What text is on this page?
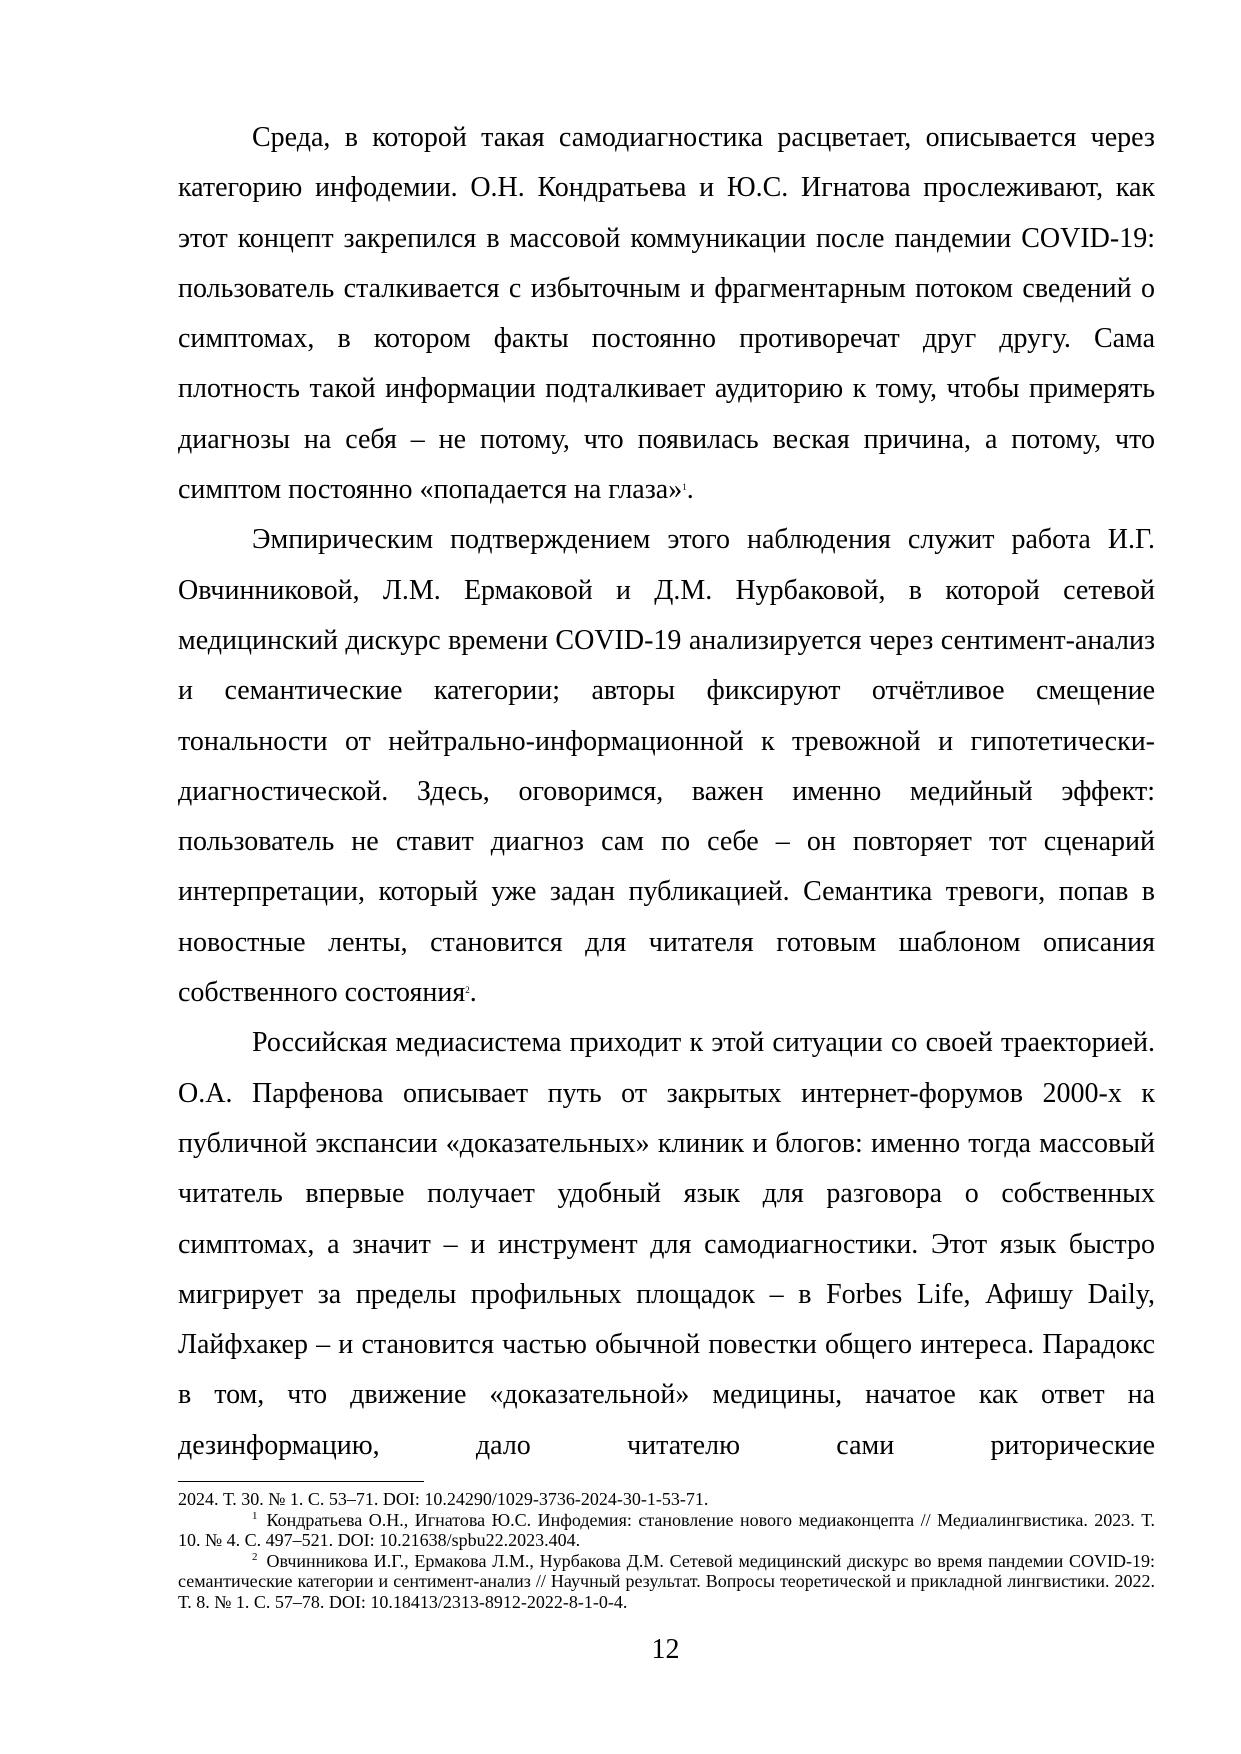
Среда, в которой такая самодиагностика расцветает, описывается через категорию инфодемии. О.Н. Кондратьева и Ю.С. Игнатова прослеживают, как этот концепт закрепился в массовой коммуникации после пандемии COVID-19: пользователь сталкивается с избыточным и фрагментарным потоком сведений о симптомах, в котором факты постоянно противоречат друг другу. Сама плотность такой информации подталкивает аудиторию к тому, чтобы примерять диагнозы на себя – не потому, что появилась веская причина, а потому, что симптом постоянно «попадается на глаза»$^1$.

Эмпирическим подтверждением этого наблюдения служит работа И.Г. Овчинниковой, Л.М. Ермаковой и Д.М. Нурбаковой, в которой сетевой медицинский дискурс времени COVID-19 анализируется через сентимент-анализ и семантические категории; авторы фиксируют отчётливое смещение тональности от нейтрально-информационной к тревожной и гипотетически-диагностической. Здесь, оговоримся, важен именно медийный эффект: пользователь не ставит диагноз сам по себе – он повторяет тот сценарий интерпретации, который уже задан публикацией. Семантика тревоги, попав в новостные ленты, становится для читателя готовым шаблоном описания собственного состояния$^2$.

Российская медиасистема приходит к этой ситуации со своей траекторией. О.А. Парфенова описывает путь от закрытых интернет-форумов 2000-х к публичной экспансии «доказательных» клиник и блогов: именно тогда массовый читатель впервые получает удобный язык для разговора о собственных симптомах, а значит – и инструмент для самодиагностики. Этот язык быстро мигрирует за пределы профильных площадок – в Forbes Life, Афишу Daily, Лайфхакер – и становится частью обычной повестки общего интереса. Парадокс в том, что движение «доказательной» медицины, начатое как ответ на дезинформацию, дало читателю сами риторические

2024. Т. 30. № 1. С. 53–71. DOI: 10.24290/1029-3736-2024-30-1-53-71.

$^1$ Кондратьева О.Н., Игнатова Ю.С. Инфодемия: становление нового медиаконцепта // Медиалингвистика. 2023. Т. 10. № 4. С. 497–521. DOI: 10.21638/spbu22.2023.404.

$^2$ Овчинникова И.Г., Ермакова Л.М., Нурбакова Д.М. Сетевой медицинский дискурс во время пандемии COVID-19: семантические категории и сентимент-анализ // Научный результат. Вопросы теоретической и прикладной лингвистики. 2022. Т. 8. № 1. С. 57–78. DOI: 10.18413/2313-8912-2022-8-1-0-4.

12
